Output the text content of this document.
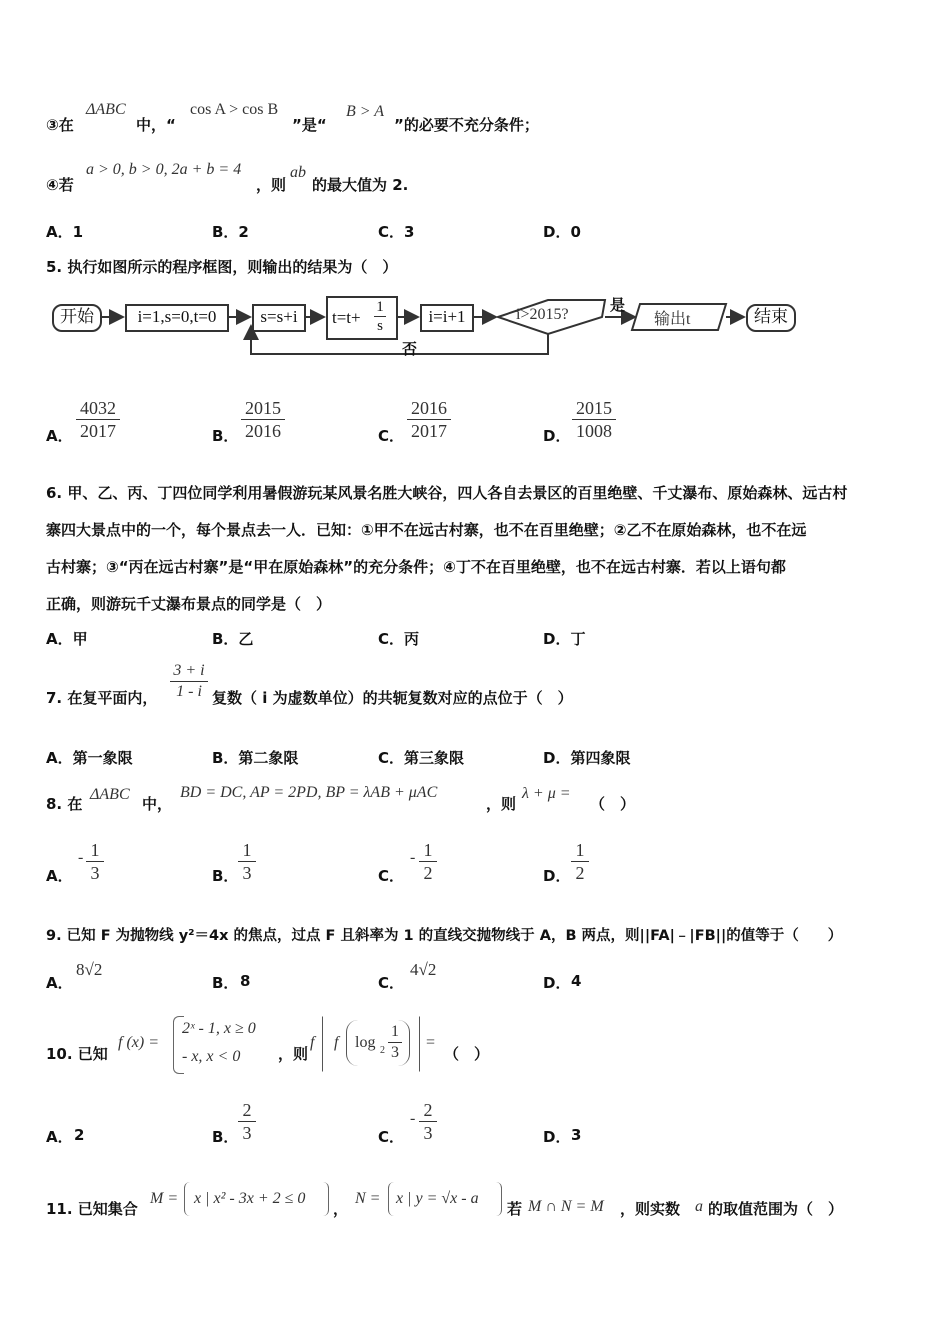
③在
ΔABC
中，“
cos A > cos B
”是“
B > A
”的必要不充分条件；
④若
a > 0, b > 0, 2a + b = 4
，则
ab
的最大值为 2.
A．1	B．2	C．3	D．0
5. 执行如图所示的程序框图，则输出的结果为（　）
开始	i=1,s=0,t=0	s=s+i	t=t+
1
s	i=i+1	i>2015?
是
否
输出t	结束
A． $\frac{4032}{2017}$	B． $\frac{2015}{2016}$	C． $\frac{2016}{2017}$	D． $\frac{2015}{1008}$
6. 甲、乙、丙、丁四位同学利用暑假游玩某风景名胜大峡谷，四人各自去景区的百里绝壁、千丈瀑布、原始森林、远古村
寨四大景点中的一个，每个景点去一人．已知：①甲不在远古村寨，也不在百里绝壁；②乙不在原始森林，也不在远
古村寨；③“丙在远古村寨”是“甲在原始森林”的充分条件；④丁不在百里绝壁，也不在远古村寨．若以上语句都
正确，则游玩千丈瀑布景点的同学是（　）
A．甲	B．乙	C．丙	D．丁
7. 在复平面内， $\frac{3 + i}{1 - i}$ 复数（ i 为虚数单位）的共轭复数对应的点位于（　）
A．第一象限	B．第二象限	C．第三象限	D．第四象限
8. 在
ΔABC
中，
BD = DC, AP = 2PD, BP = λAB + μAC
，则
λ + μ =
（　）
A．
- $\frac{1}{3}$	B． $\frac{1}{3}$	C．
- $\frac{1}{2}$	D． $\frac{1}{2}$
9. 已知 F 为抛物线 y²＝4x 的焦点，过点 F 且斜率为 1 的直线交抛物线于 A，B 两点，则||FA|﹣|FB||的值等于（　　）
A．
8√2
B． 8	C．
4√2
D． 4
10. 已知
f (x) =
2ˣ - 1, x ≥ 0
- x, x < 0	，则
f f $\log 2 \frac{1}{3}$ =
（　）
A． 2	B． $\frac{2}{3}$	C．
- $\frac{2}{3}$	D． 3
11. 已知集合
M = x | x² - 3x + 2 ≤ 0
，
N = x | y = √x - a
若 M ∩ N = M ，则实数 a 的取值范围为（　）
